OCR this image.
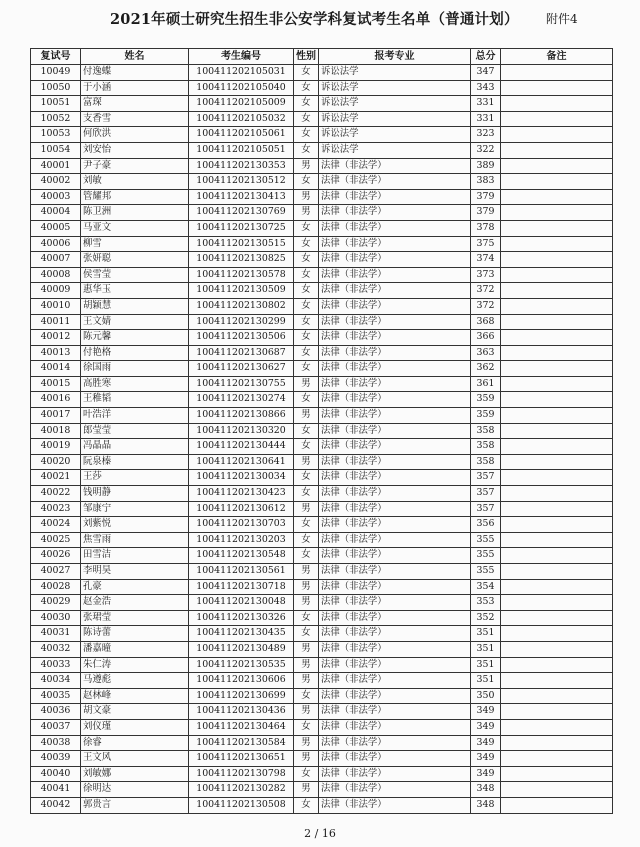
2021年硕士研究生招生非公安学科复试考生名单（普通计划） 附件4
复试号	姓名	考生编号	性别	报考专业	总分	备注
10049	付逸蝶	100411202105031	女	诉讼法学	347	
10050	于小涵	100411202105040	女	诉讼法学	343	
10051	富琛	100411202105009	女	诉讼法学	331	
10052	支香雪	100411202105032	女	诉讼法学	331	
10053	何欣洪	100411202105061	女	诉讼法学	323	
10054	刘安怡	100411202105051	女	诉讼法学	322	
40001	尹子豪	100411202130353	男	法律（非法学）	389	
40002	刘敏	100411202130512	女	法律（非法学）	383	
40003	管耀邦	100411202130413	男	法律（非法学）	379	
40004	陈卫洲	100411202130769	男	法律（非法学）	379	
40005	马亚文	100411202130725	女	法律（非法学）	378	
40006	柳雪	100411202130515	女	法律（非法学）	375	
40007	张妍聪	100411202130825	女	法律（非法学）	374	
40008	侯雪莹	100411202130578	女	法律（非法学）	373	
40009	惠华玉	100411202130509	女	法律（非法学）	372	
40010	胡颖慧	100411202130802	女	法律（非法学）	372	
40011	王文婧	100411202130299	女	法律（非法学）	368	
40012	陈元馨	100411202130506	女	法律（非法学）	366	
40013	付艳格	100411202130687	女	法律（非法学）	363	
40014	徐国雨	100411202130627	女	法律（非法学）	362	
40015	高胜寒	100411202130755	男	法律（非法学）	361	
40016	王稚韬	100411202130274	女	法律（非法学）	359	
40017	叶浩洋	100411202130866	男	法律（非法学）	359	
40018	郎莹莹	100411202130320	女	法律（非法学）	358	
40019	冯晶晶	100411202130444	女	法律（非法学）	358	
40020	阮泉榛	100411202130641	男	法律（非法学）	358	
40021	王莎	100411202130034	女	法律（非法学）	357	
40022	钱明静	100411202130423	女	法律（非法学）	357	
40023	邹康宁	100411202130612	男	法律（非法学）	357	
40024	刘紫悦	100411202130703	女	法律（非法学）	356	
40025	焦雪雨	100411202130203	女	法律（非法学）	355	
40026	田雪洁	100411202130548	女	法律（非法学）	355	
40027	李明昊	100411202130561	男	法律（非法学）	355	
40028	孔豪	100411202130718	男	法律（非法学）	354	
40029	赵金浩	100411202130048	男	法律（非法学）	353	
40030	张珺莹	100411202130326	女	法律（非法学）	352	
40031	陈诗蕾	100411202130435	女	法律（非法学）	351	
40032	潘嘉曈	100411202130489	男	法律（非法学）	351	
40033	朱仁涛	100411202130535	男	法律（非法学）	351	
40034	马遵彪	100411202130606	男	法律（非法学）	351	
40035	赵林峰	100411202130699	女	法律（非法学）	350	
40036	胡文豪	100411202130436	男	法律（非法学）	349	
40037	刘仪瑾	100411202130464	女	法律（非法学）	349	
40038	徐睿	100411202130584	男	法律（非法学）	349	
40039	王文风	100411202130651	男	法律（非法学）	349	
40040	刘敏娜	100411202130798	女	法律（非法学）	349	
40041	徐明达	100411202130282	男	法律（非法学）	348	
40042	郭贵言	100411202130508	女	法律（非法学）	348	
2 / 16
